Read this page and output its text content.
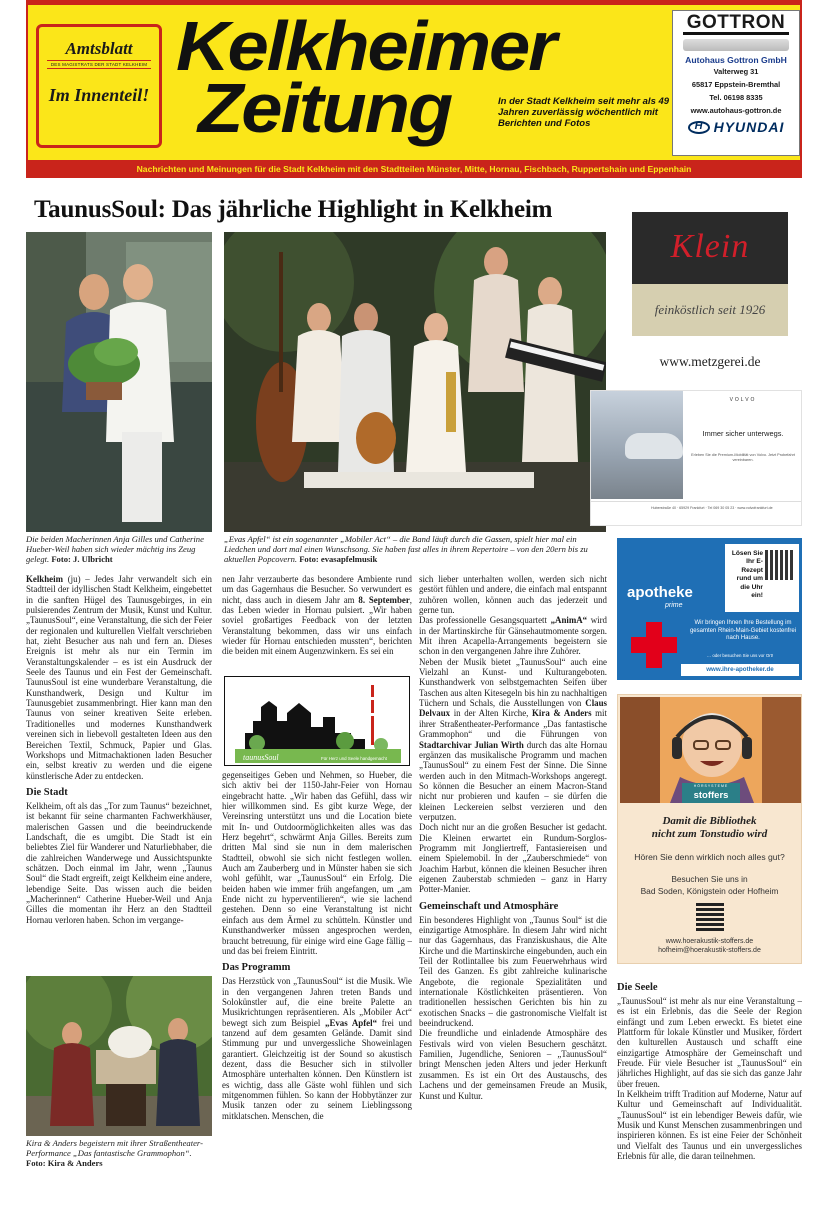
Amtsblatt
DES MAGISTRATS DER STADT KELKHEIM
Im Innenteil!
Kelkheimer
Zeitung	In der Stadt Kelkheim seit mehr als 49 Jahren zuverlässig wöchentlich mit Berichten und Fotos
GOTTRON
Autohaus Gottron GmbH
Valterweg 31
65817 Eppstein-Bremthal
Tel. 06198 8335
www.autohaus-gottron.de
H
HYUNDAI
Nachrichten und Meinungen für die Stadt Kelkheim mit den Stadtteilen Münster, Mitte, Hornau, Fischbach, Ruppertshain und Eppenhain
TaunusSoul: Das jährliche Highlight in Kelkheim
Die beiden Macherinnen Anja Gilles und Catherine Hueber-Weil haben sich wieder mächtig ins Zeug gelegt. Foto: J. Ulbricht
„Evas Apfel“ ist ein sogenannter „Mobiler Act“ – die Band läuft durch die Gassen, spielt hier mal ein Liedchen und dort mal einen Wunschsong. Sie haben fast alles in ihrem Repertoire – von den 20ern bis zu aktuellen Popcovern. Foto: evasapfelmusik

Kelkheim (ju) – Jedes Jahr verwandelt sich ein Stadtteil der idyllischen Stadt Kelkheim, eingebettet in die sanften Hügel des Taunusgebirges, in ein pulsierendes Zentrum der Musik, Kunst und Kultur. „TaunusSoul“, eine Veranstaltung, die sich der Feier der regionalen und kulturellen Vielfalt verschrieben hat, zieht Besucher aus nah und fern an. Dieses Ereignis ist mehr als nur ein Termin im Veranstaltungskalender – es ist ein Ausdruck der Seele des Taunus und ein Fest der Gemeinschaft. TaunusSoul ist eine wunderbare Veranstaltung, die Kunsthandwerk, Design und Kultur im Taunusgebiet zusammenbringt. Hier kann man den Taunus von seiner kreativen Seite erleben. Traditionelles und modernes Kunsthandwerk vereinen sich in liebevoll gestalteten Ideen aus den Bereichen Textil, Schmuck, Papier und Glas. Workshops und Mitmachaktionen laden Besucher ein, selbst kreativ zu werden und die eigene künstlerische Ader zu entdecken.

Die Stadt

Kelkheim, oft als das „Tor zum Taunus“ bezeichnet, ist bekannt für seine charmanten Fachwerkhäuser, malerischen Gassen und die beeindruckende Landschaft, die es umgibt. Die Stadt ist ein beliebtes Ziel für Wanderer und Naturliebhaber, die die zahlreichen Wanderwege und Aussichtspunkte schätzen. Doch einmal im Jahr, wenn „Taunus Soul“ die Stadt ergreift, zeigt Kelkheim eine andere, lebendige Seite. Das wissen auch die beiden „Macherinnen“ Catherine Hueber-Weil und Anja Gilles die momentan ihr Herz an den Stadtteil Hornau verloren haben. Schon im vergange-

nen Jahr verzauberte das besondere Ambiente rund um das Gagernhaus die Besucher. So verwundert es nicht, dass auch in diesem Jahr am 8. September, das Leben wieder in Hornau pulsiert. „Wir haben soviel großartiges Feedback von der letzten Veranstaltung bekommen, dass wir uns einfach wieder für Hornau entschieden mussten“, berichten die beiden mit einem Augenzwinkern. Es sei ein

taunusSoul	Für Herz und Seele handgemacht

gegenseitiges Geben und Nehmen, so Hueber, die sich aktiv bei der 1150-Jahr-Feier von Hornau eingebracht hatte. „Wir haben das Gefühl, dass wir hier willkommen sind. Es gibt kurze Wege, der Vereinsring unterstützt uns und die Location biete mit In- und Outdoormöglichkeiten alles was das Herz begehrt“, schwärmt Anja Gilles. Bereits zum dritten Mal sind sie nun in dem malerischen Stadtteil, obwohl sie sich nicht festlegen wollen. Auch am Zauberberg und in Münster haben sie sich wohl gefühlt, war „TaunusSoul“ ein Erfolg. Die beiden haben wie immer früh angefangen, um „am Ende nicht zu hyperventilieren“, wie sie lachend gestehen. Denn so eine Veranstaltung ist nicht einfach aus dem Ärmel zu schütteln. Künstler und Kunsthandwerker müssen angesprochen werden, braucht betreuung, für einige wird eine Gage fällig – und das bei freiem Eintritt.

Das Programm

Das Herzstück von „TaunusSoul“ ist die Musik. Wie in den vergangenen Jahren treten Bands und Solokünstler auf, die eine breite Palette an Musikrichtungen repräsentieren. Als „Mobiler Act“ bewegt sich zum Beispiel „Evas Apfel“ frei und tanzend auf dem gesamten Gelände. Damit sind Stimmung pur und unvergessliche Showeinlagen garantiert. Gleichzeitig ist der Sound so akustisch dezent, dass die Besucher sich in stilvoller Atmosphäre unterhalten können. Den Künstlern ist es wichtig, dass alle Gäste wohl fühlen und sich mitgenommen fühlen. So kann der Hobbytänzer zur Musik tanzen oder zu seinem Lieblingssong mitklatschen. Menschen, die

sich lieber unterhalten wollen, werden sich nicht gestört fühlen und andere, die einfach mal entspannt zuhören wollen, können auch das jederzeit und gerne tun.

Das professionelle Gesangsquartett „AnimA“ wird in der Martinskirche für Gänsehautmomente sorgen. Mit ihren Acapella-Arrangements begeistern sie schon in den vergangenen Jahre ihre Zuhörer.

Neben der Musik bietet „TaunusSoul“ auch eine Vielzahl an Kunst- und Kulturangeboten. Kunsthandwerk von selbstgemachten Seifen über Taschen aus alten Kitesegeln bis hin zu nachhaltigen Tüchern und Schals, die Ausstellungen von Claus Delvaux in der Alten Kirche, Kira & Anders mit ihrer Straßentheater-Performance „Das fantastische Grammophon“ und die Führungen von Stadtarchivar Julian Wirth durch das alte Hornau ergänzen das musikalische Programm und machen „TaunusSoul“ zu einem Fest der Sinne. Die Sinne werden auch in den Mitmach-Workshops angeregt. So können die Besucher an einem Macron-Stand nicht nur probieren und kaufen – sie dürfen die kleinen Leckereien selbst verzieren und den verputzen.

Doch nicht nur an die großen Besucher ist gedacht. Die Kleinen erwartet ein Rundum-Sorglos-Programm mit Jongliertreff, Fantasiereisen und einem Spielemobil. In der „Zauberschmiede“ von Joachim Harbut, können die kleinen Besucher ihren eigenen Zauberstab schmieden – ganz in Harry Potter-Manier.

Gemeinschaft und Atmosphäre

Ein besonderes Highlight von „Taunus Soul“ ist die einzigartige Atmosphäre. In diesem Jahr wird nicht nur das Gagernhaus, das Franziskushaus, die Alte Kirche und die Martinskirche eingebunden, auch ein Teil der Rotlintallee bis zum Feuerwehrhaus wird Teil des Ganzen. Es gibt zahlreiche kulinarische Angebote, die regionale Spezialitäten und internationale Köstlichkeiten präsentieren. Von traditionellen hessischen Gerichten bis hin zu exotischen Snacks – die gastronomische Vielfalt ist beeindruckend.

Die freundliche und einladende Atmosphäre des Festivals wird von vielen Besuchern geschätzt. Familien, Jugendliche, Senioren – „TaunusSoul“ bringt Menschen jeden Alters und jeder Herkunft zusammen. Es ist ein Ort des Austauschs, des Lachens und der gemeinsamen Freude an Musik, Kunst und Kultur.

Kira & Anders begeistern mit ihrer Straßentheater-Performance „Das fantastische Grammophon“. Foto: Kira & Anders
Die Seele

„TaunusSoul“ ist mehr als nur eine Veranstaltung – es ist ein Erlebnis, das die Seele der Region einfängt und zum Leben erweckt. Es bietet eine Plattform für lokale Künstler und Musiker, fördert den kulturellen Austausch und schafft eine einzigartige Atmosphäre der Gemeinschaft und Freude. Für viele Besucher ist „TaunusSoul“ ein jährliches Highlight, auf das sie sich das ganze Jahr über freuen.

In Kelkheim trifft Tradition auf Moderne, Natur auf Kultur und Gemeinschaft auf Individualität. „TaunusSoul“ ist ein lebendiger Beweis dafür, wie Musik und Kunst Menschen zusammenbringen und inspirieren können. Es ist eine Feier der Schönheit und Vielfalt des Taunus und ein unvergessliches Erlebnis für alle, die daran teilnehmen.

Klein
feinköstlich seit 1926
www.metzgerei.de
VOLVO
Immer sicher unterwegs.
Erleben Sie die Premium-Mobilität von Volvo. Jetzt Probefahrt vereinbaren.
Huberstraße 40 · 65929 Frankfurt · Tel 069 30 05 23 · www.volvofrankfurt.de
apotheke
prime
Lösen Sie Ihr E-Rezept rund um die Uhr ein!
Wir bringen Ihnen Ihre Bestellung im gesamten Rhein-Main-Gebiet kostenfrei nach Hause.
… oder besuchen Sie uns vor Ort!
www.ihre-apotheker.de
HÖRSYSTEME
stoffers
Damit die Bibliothek
nicht zum Tonstudio wird
Hören Sie denn wirklich noch alles gut?
Besuchen Sie uns in
Bad Soden, Königstein oder Hofheim
www.hoerakustik-stoffers.de
hofheim@hoerakustik-stoffers.de
